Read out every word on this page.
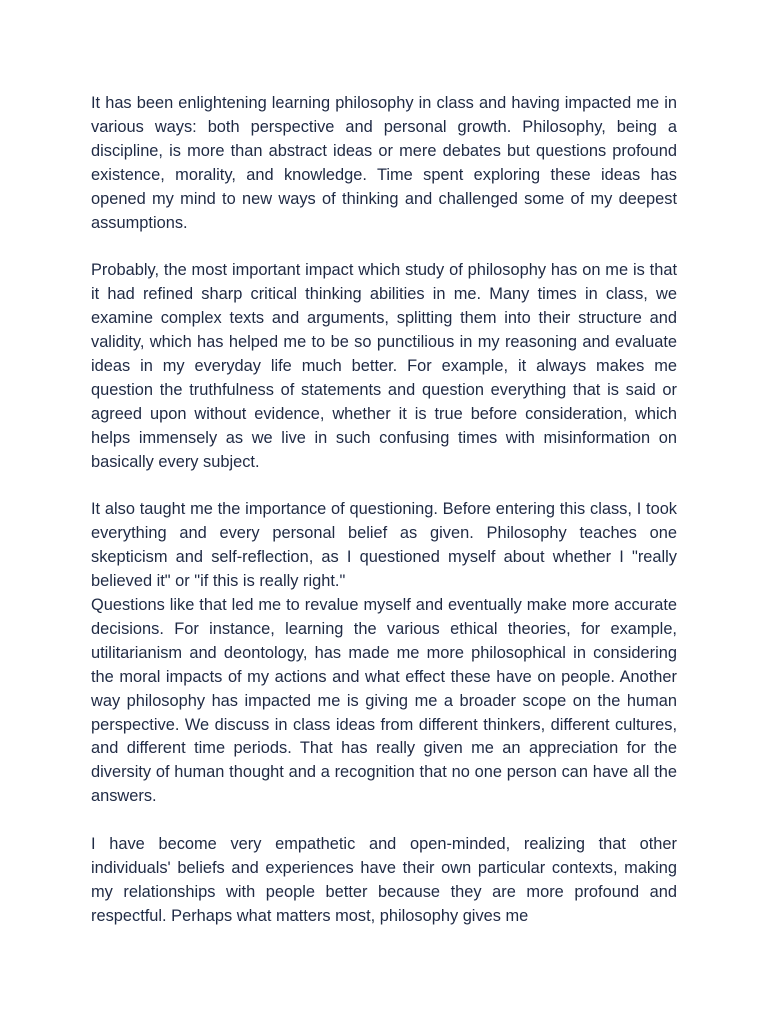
It has been enlightening learning philosophy in class and having impacted me in various ways: both perspective and personal growth. Philosophy, being a discipline, is more than abstract ideas or mere debates but questions profound existence, morality, and knowledge. Time spent exploring these ideas has opened my mind to new ways of thinking and challenged some of my deepest assumptions.

Probably, the most important impact which study of philosophy has on me is that it had refined sharp critical thinking abilities in me. Many times in class, we examine complex texts and arguments, splitting them into their structure and validity, which has helped me to be so punctilious in my reasoning and evaluate ideas in my everyday life much better. For example, it always makes me question the truthfulness of statements and question everything that is said or agreed upon without evidence, whether it is true before consideration, which helps immensely as we live in such confusing times with misinformation on basically every subject.

It also taught me the importance of questioning. Before entering this class, I took everything and every personal belief as given. Philosophy teaches one skepticism and self-reflection, as I questioned myself about whether I "really believed it" or "if this is really right."

Questions like that led me to revalue myself and eventually make more accurate decisions. For instance, learning the various ethical theories, for example, utilitarianism and deontology, has made me more philosophical in considering the moral impacts of my actions and what effect these have on people. Another way philosophy has impacted me is giving me a broader scope on the human perspective. We discuss in class ideas from different thinkers, different cultures, and different time periods. That has really given me an appreciation for the diversity of human thought and a recognition that no one person can have all the answers.

I have become very empathetic and open-minded, realizing that other individuals' beliefs and experiences have their own particular contexts, making my relationships with people better because they are more profound and respectful. Perhaps what matters most, philosophy gives me
